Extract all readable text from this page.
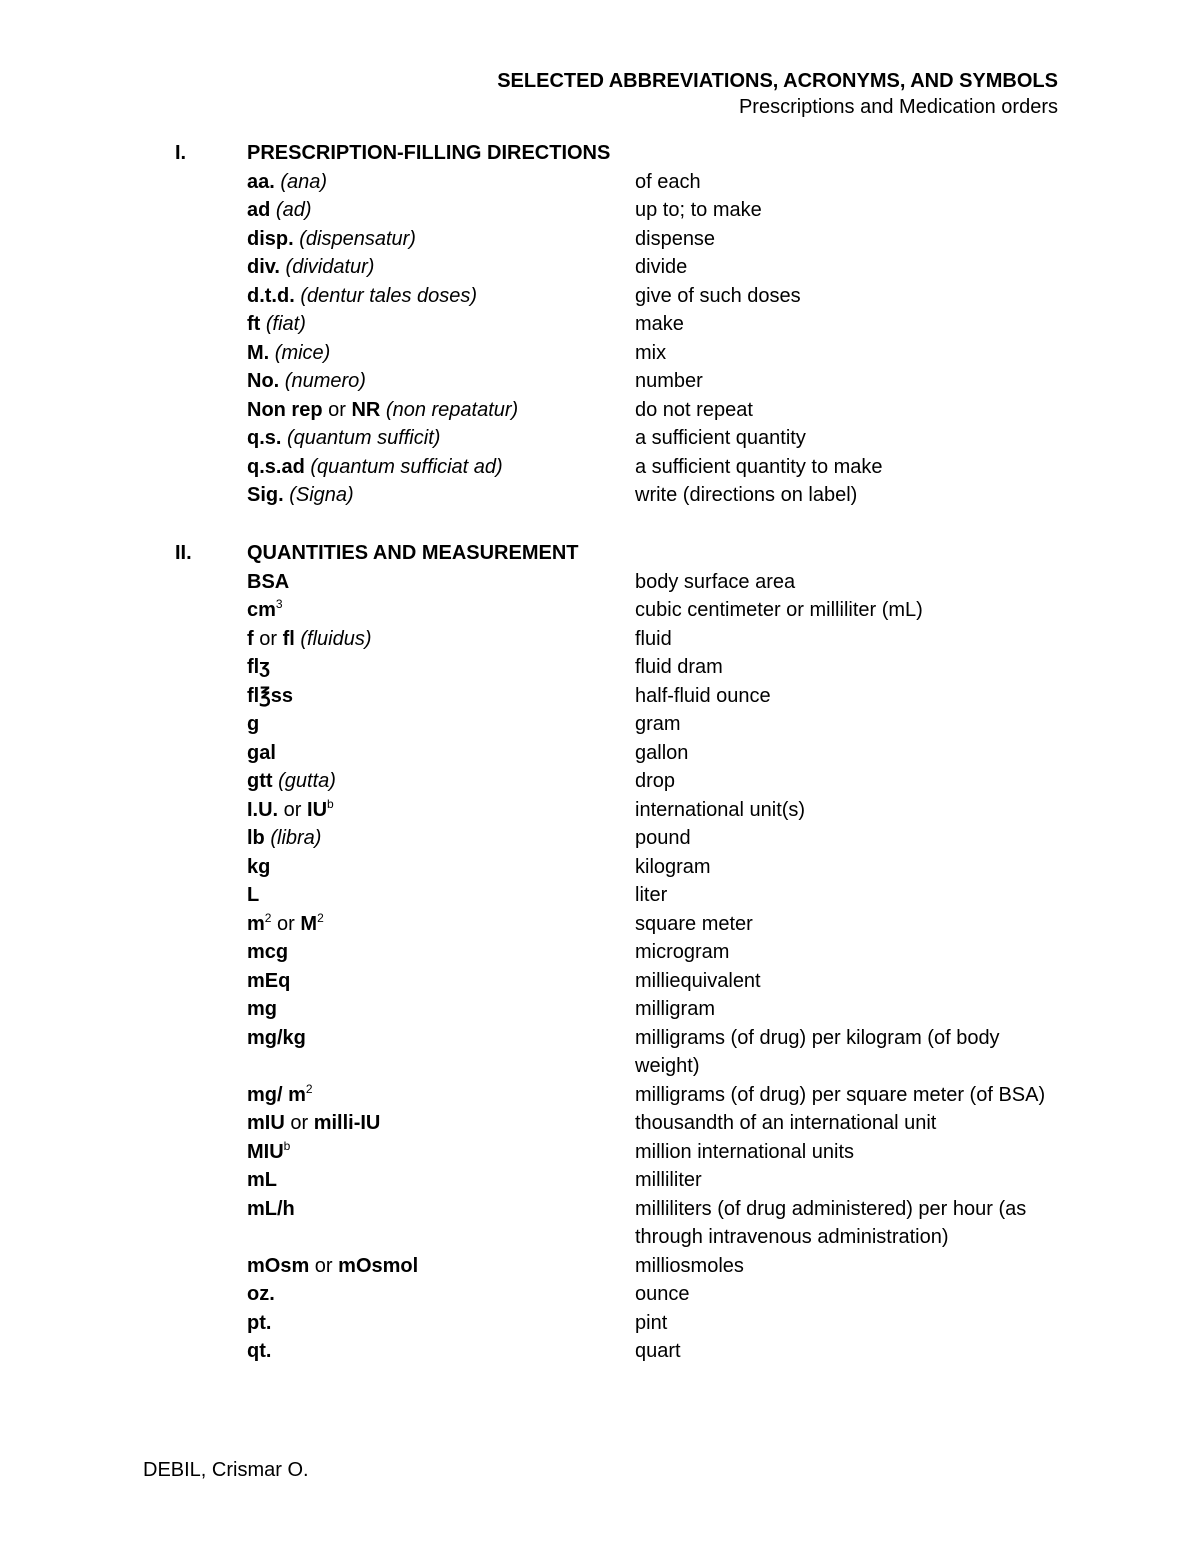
SELECTED ABBREVIATIONS, ACRONYMS, AND SYMBOLS
Prescriptions and Medication orders
I.	PRESCRIPTION-FILLING DIRECTIONS
aa. (ana)	of each
ad (ad)	up to; to make
disp. (dispensatur)	dispense
div. (dividatur)	divide
d.t.d. (dentur tales doses)	give of such doses
ft (fiat)	make
M. (mice)	mix
No. (numero)	number
Non rep or NR (non repatatur)	do not repeat
q.s. (quantum sufficit)	a sufficient quantity
q.s.ad (quantum sufficiat ad)	a sufficient quantity to make
Sig. (Signa)	write (directions on label)
II.	QUANTITIES AND MEASUREMENT
BSA	body surface area
$cm^3$	cubic centimeter or milliliter (mL)
f or fl (fluidus)	fluid
flʒ	fluid dram
fl℥ss	half-fluid ounce
g	gram
gal	gallon
gtt (gutta)	drop
I.U. or $IU^b$	international unit(s)
lb (libra)	pound
kg	kilogram
L	liter
$m^2$ or $M^2$	square meter
mcg	microgram
mEq	milliequivalent
mg	milligram
mg/kg	milligrams (of drug) per kilogram (of body weight)
mg/ $m^2$	milligrams (of drug) per square meter (of BSA)
mIU or milli-IU	thousandth of an international unit
MIU$^b$	million international units
mL	milliliter
mL/h	milliliters (of drug administered) per hour (as through intravenous administration)
mOsm or mOsmol	milliosmoles
oz.	ounce
pt.	pint
qt.	quart
DEBIL, Crismar O.
